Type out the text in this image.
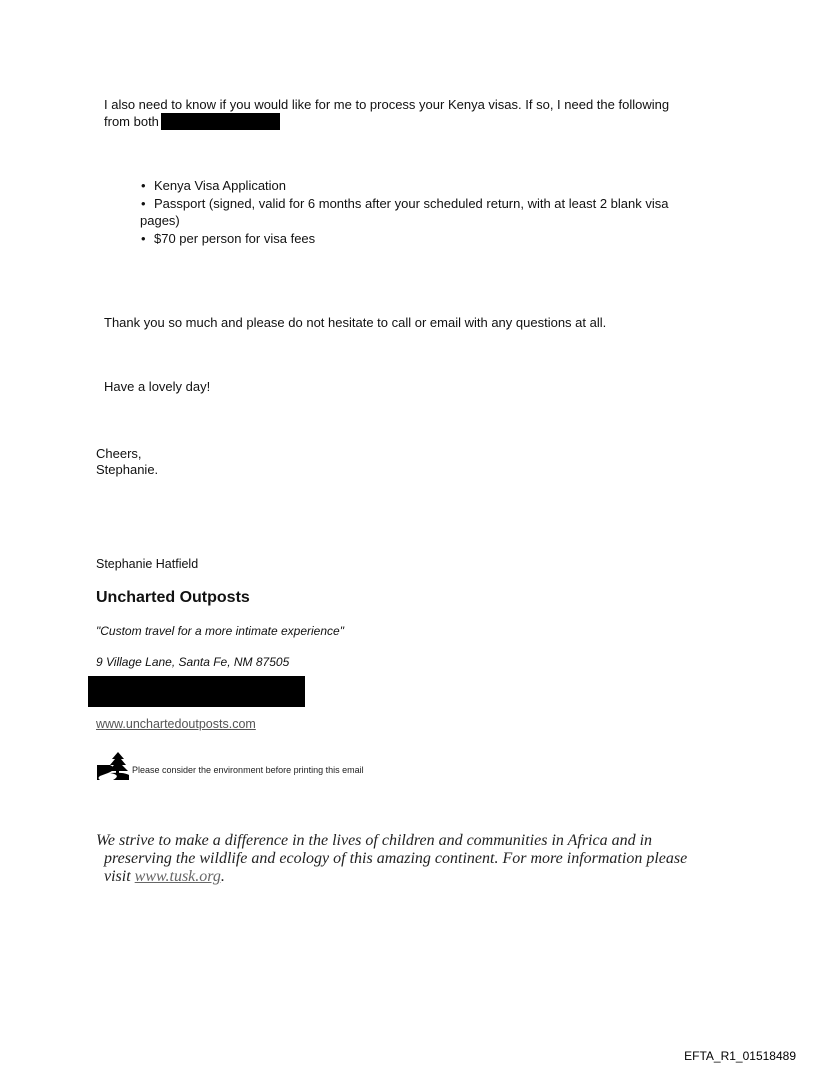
I also need to know if you would like for me to process your Kenya visas. If so, I need the following
from both
• Kenya Visa Application
• Passport (signed, valid for 6 months after your scheduled return, with at least 2 blank visa
pages)
• $70 per person for visa fees
Thank you so much and please do not hesitate to call or email with any questions at all.
Have a lovely day!
Cheers,
Stephanie.
Stephanie Hatfield
Uncharted Outposts
"Custom travel for a more intimate experience"
9 Village Lane, Santa Fe, NM 87505
www.unchartedoutposts.com
Please consider the environment before printing this email
We strive to make a difference in the lives of children and communities in Africa and in
preserving the wildlife and ecology of this amazing continent. For more information please
visit www.tusk.org.
EFTA_R1_01518489
